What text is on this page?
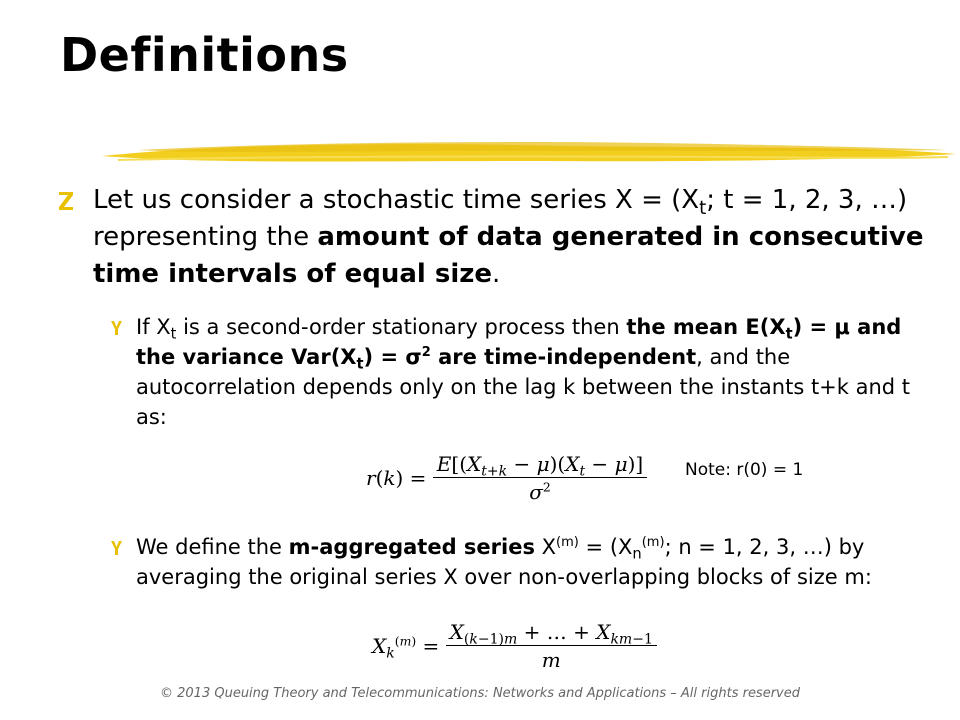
Definitions
Let us consider a stochastic time series $X = (X_t$; t = 1, 2, 3, …) representing the amount of data generated in consecutive time intervals of equal size.
If $X_t$ is a second-order stationary process then the mean $E(X_t) = \mu$ and the variance $Var(X_t) = \sigma^2$ are time-independent, and the autocorrelation depends only on the lag k between the instants t+k and t as:
$r(k) = \frac{E[(X_{t+k} - \mu)(X_t - \mu)]}{\sigma^2}$ Note: r(0) = 1
We define the m-aggregated series $X^{(m)} = (X_n^{(m)}$; n = 1, 2, 3, …) by averaging the original series X over non-overlapping blocks of size m:
$X_k^{(m)} = \frac{X_{(k-1)m} + \dots + X_{km-1}}{m}$
© 2013 Queuing Theory and Telecommunications: Networks and Applications – All rights reserved
